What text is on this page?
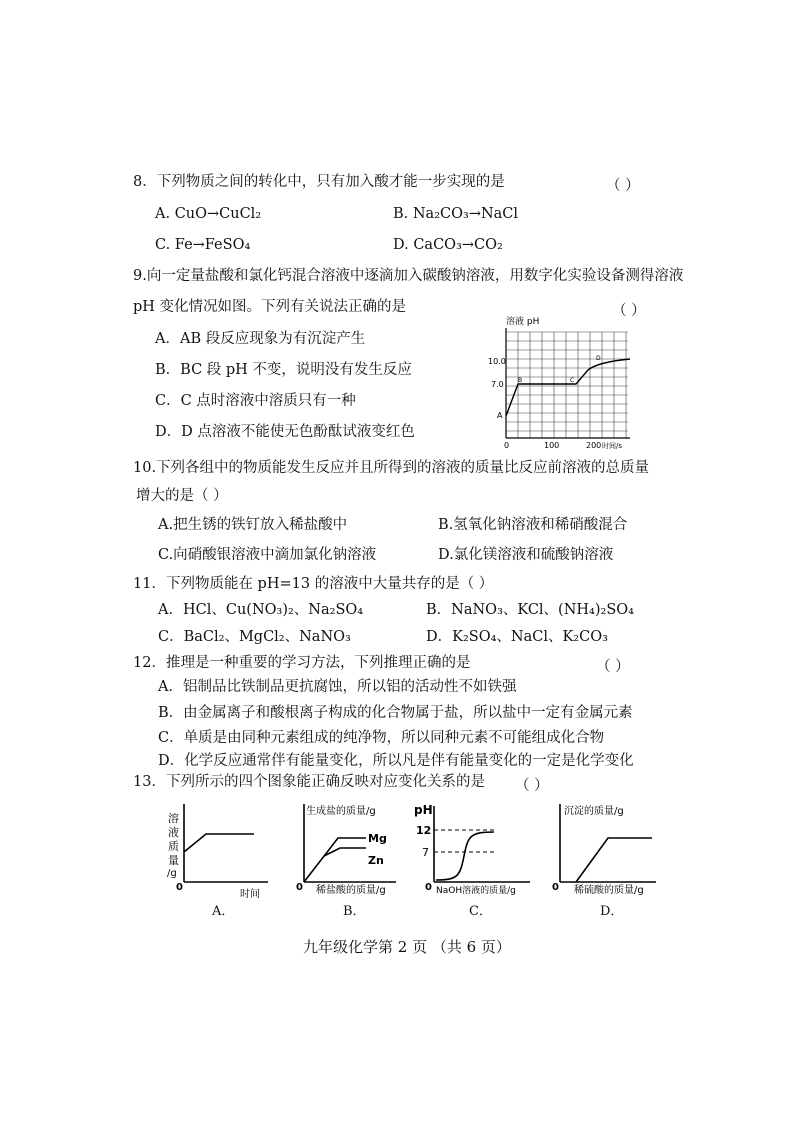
8．下列物质之间的转化中，只有加入酸才能一步实现的是	（ ）
A. CuO→CuCl₂	B. Na₂CO₃→NaCl
C. Fe→FeSO₄	D. CaCO₃→CO₂
9.向一定量盐酸和氯化钙混合溶液中逐滴加入碳酸钠溶液，用数字化实验设备测得溶液
pH 变化情况如图。下列有关说法正确的是	（ ）
A．AB 段反应现象为有沉淀产生
B．BC 段 pH 不变，说明没有发生反应
C．C 点时溶液中溶质只有一种
D．D 点溶液不能使无色酚酞试液变红色
溶液 pH
10.0
7.0
0	100	200 时间/s
A
B	C
D
10.下列各组中的物质能发生反应并且所得到的溶液的质量比反应前溶液的总质量
增大的是（ ）
A.把生锈的铁钉放入稀盐酸中	B.氢氧化钠溶液和稀硝酸混合
C.向硝酸银溶液中滴加氯化钠溶液	D.氯化镁溶液和硫酸钠溶液
11．下列物质能在 pH=13 的溶液中大量共存的是（ ）
A．HCl、Cu(NO₃)₂、Na₂SO₄	B．NaNO₃、KCl、(NH₄)₂SO₄
C．BaCl₂、MgCl₂、NaNO₃	D．K₂SO₄、NaCl、K₂CO₃
12．推理是一种重要的学习方法，下列推理正确的是	（ ）
A．铝制品比铁制品更抗腐蚀，所以铝的活动性不如铁强
B．由金属离子和酸根离子构成的化合物属于盐，所以盐中一定有金属元素
C．单质是由同种元素组成的纯净物，所以同种元素不可能组成化合物
D．化学反应通常伴有能量变化，所以凡是伴有能量变化的一定是化学变化
13．下列所示的四个图象能正确反映对应变化关系的是 （ ）
溶
液
质
量
/g
0
时间
A．
生成盐的质量/g
Mg
Zn
0 稀盐酸的质量/g
B．
pH
12
7
0 NaOH溶液的质量/g
C．
沉淀的质量/g
0 稀硫酸的质量/g
D．
九年级化学第 2 页 （共 6 页）
